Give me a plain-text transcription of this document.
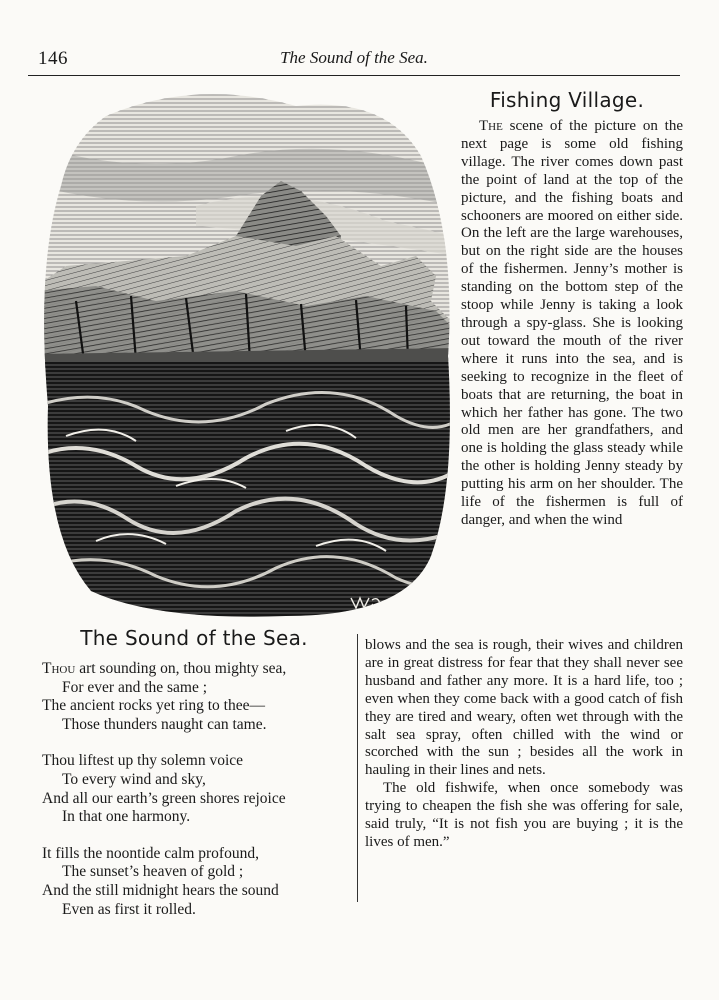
146	The Sound of the Sea.
Fishing Village.

The scene of the picture on the next page is some old fishing village. The river comes down past the point of land at the top of the picture, and the fishing boats and schooners are moored on either side. On the left are the large warehouses, but on the right side are the houses of the fishermen. Jenny’s mother is standing on the bottom step of the stoop while Jenny is taking a look through a spy-glass. She is looking out toward the mouth of the river where it runs into the sea, and is seeking to recognize in the fleet of boats that are returning, the boat in which her father has gone. The two old men are her grandfathers, and one is holding the glass steady while the other is holding Jenny steady by putting his arm on her shoulder. The life of the fishermen is full of danger, and when the wind

blows and the sea is rough, their wives and children are in great distress for fear that they shall never see husband and father any more. It is a hard life, too ; even when they come back with a good catch of fish they are tired and weary, often wet through with the salt sea spray, often chilled with the wind or scorched with the sun ; besides all the work in hauling in their lines and nets.

The old fishwife, when once somebody was trying to cheapen the fish she was offering for sale, said truly, “It is not fish you are buying ; it is the lives of men.”

The Sound of the Sea.
Thou art sounding on, thou mighty sea,
For ever and the same ;
The ancient rocks yet ring to thee—
Those thunders naught can tame.
Thou liftest up thy solemn voice
To every wind and sky,
And all our earth’s green shores rejoice
In that one harmony.
It fills the noontide calm profound,
The sunset’s heaven of gold ;
And the still midnight hears the sound
Even as first it rolled.
